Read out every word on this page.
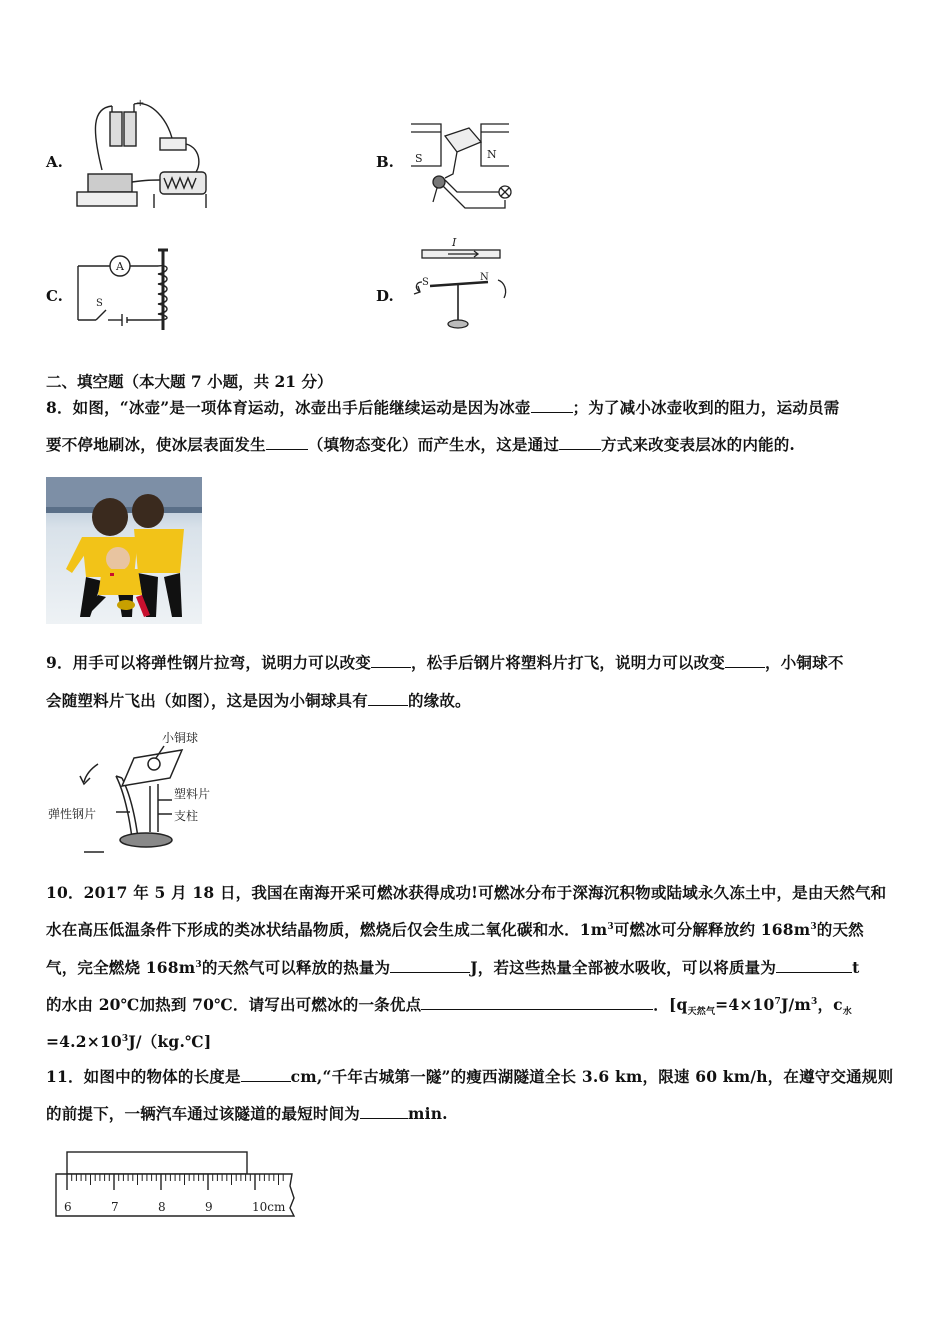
A.	B.
C.	D.
+
S	N
A
S
I
S	N
二、填空题（本大题 7 小题，共 21 分）
8．如图，“冰壶”是一项体育运动，冰壶出手后能继续运动是因为冰壶	；为了减小冰壶收到的阻力，运动员需
要不停地刷冰，使冰层表面发生	（填物态变化）而产生水，这是通过	方式来改变表层冰的内能的.
9．用手可以将弹性钢片拉弯，说明力可以改变	，松手后钢片将塑料片打飞，说明力可以改变	，小铜球不
会随塑料片飞出（如图），这是因为小铜球具有	的缘故。
小铜球
塑料片
支柱
弹性钢片
10．2017 年 5 月 18 日，我国在南海开采可燃冰获得成功!可燃冰分布于深海沉积物或陆域永久冻土中，是由天然气和
水在高压低温条件下形成的类冰状结晶物质，燃烧后仅会生成二氧化碳和水．$1m^3$可燃冰可分解释放约 $168m^3$的天然
气，完全燃烧 $168m^3$的天然气可以释放的热量为	J，若这些热量全部被水吸收，可以将质量为	t
的水由 20℃加热到 70℃．请写出可燃冰的一条优点	．[$q_{天然气}=4\times 10^7J/m^3$，$c_水$
$=4.2\times 10^3J/(kg.℃]$
11．如图中的物体的长度是	cm,“千年古城第一隧”的瘦西湖隧道全长 3.6 km，限速 60 km/h，在遵守交通规则
的前提下，一辆汽车通过该隧道的最短时间为	min.
6	7	8	9	10cm
